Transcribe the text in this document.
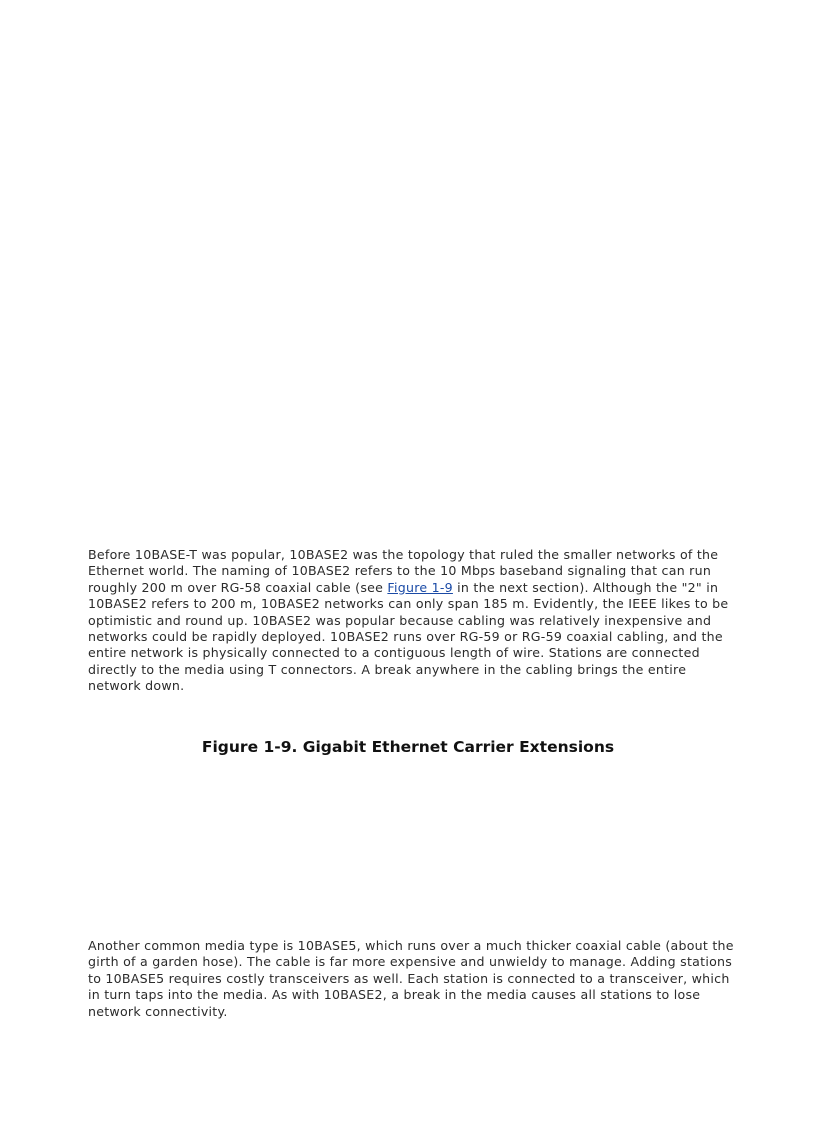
Before 10BASE-T was popular, 10BASE2 was the topology that ruled the smaller networks of the Ethernet world. The naming of 10BASE2 refers to the 10 Mbps baseband signaling that can run roughly 200 m over RG-58 coaxial cable (see Figure 1-9 in the next section). Although the "2" in 10BASE2 refers to 200 m, 10BASE2 networks can only span 185 m. Evidently, the IEEE likes to be optimistic and round up. 10BASE2 was popular because cabling was relatively inexpensive and networks could be rapidly deployed. 10BASE2 runs over RG-59 or RG-59 coaxial cabling, and the entire network is physically connected to a contiguous length of wire. Stations are connected directly to the media using T connectors. A break anywhere in the cabling brings the entire network down.

Figure 1-9. Gigabit Ethernet Carrier Extensions

Another common media type is 10BASE5, which runs over a much thicker coaxial cable (about the girth of a garden hose). The cable is far more expensive and unwieldy to manage. Adding stations to 10BASE5 requires costly transceivers as well. Each station is connected to a transceiver, which in turn taps into the media. As with 10BASE2, a break in the media causes all stations to lose network connectivity.
